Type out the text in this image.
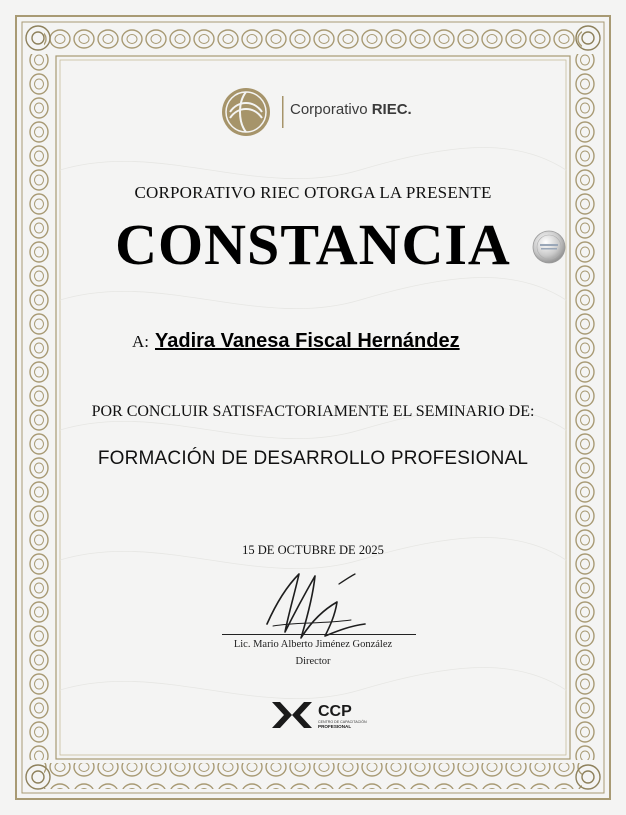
Corporativo RIEC.
CORPORATIVO RIEC OTORGA LA PRESENTE
CONSTANCIA
A: Yadira Vanesa Fiscal Hernández
POR CONCLUIR SATISFACTORIAMENTE EL SEMINARIO DE:
FORMACIÓN DE DESARROLLO PROFESIONAL
15 DE OCTUBRE DE 2025
Lic. Mario Alberto Jiménez González
Director
CCP
CENTRO DE CAPACITACIÓN
PROFESIONAL
